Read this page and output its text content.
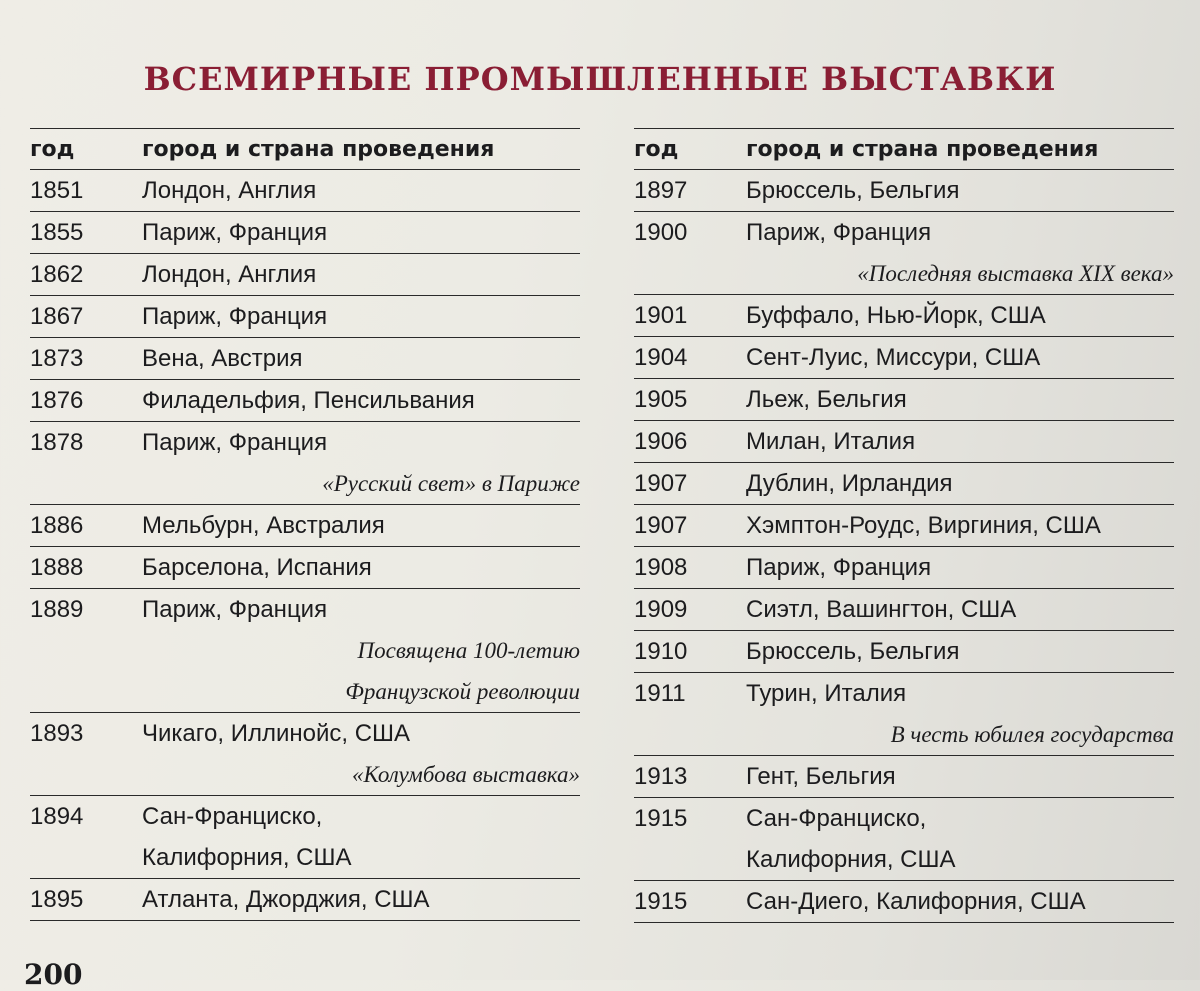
ВСЕМИРНЫЕ ПРОМЫШЛЕННЫЕ ВЫСТАВКИ
год	город и страна проведения
1851	Лондон, Англия
1855	Париж, Франция
1862	Лондон, Англия
1867	Париж, Франция
1873	Вена, Австрия
1876	Филадельфия, Пенсильвания
1878	Париж, Франция
«Русский свет» в Париже
1886	Мельбурн, Австралия
1888	Барселона, Испания
1889	Париж, Франция
Посвящена 100-летию
Французской революции
1893	Чикаго, Иллинойс, США
«Колумбова выставка»
1894	Сан-Франциско,
Калифорния, США
1895	Атланта, Джорджия, США
год	город и страна проведения
1897	Брюссель, Бельгия
1900	Париж, Франция
«Последняя выставка XIX века»
1901	Буффало, Нью-Йорк, США
1904	Сент-Луис, Миссури, США
1905	Льеж, Бельгия
1906	Милан, Италия
1907	Дублин, Ирландия
1907	Хэмптон-Роудс, Виргиния, США
1908	Париж, Франция
1909	Сиэтл, Вашингтон, США
1910	Брюссель, Бельгия
1911	Турин, Италия
В честь юбилея государства
1913	Гент, Бельгия
1915	Сан-Франциско,
Калифорния, США
1915	Сан-Диего, Калифорния, США
200
